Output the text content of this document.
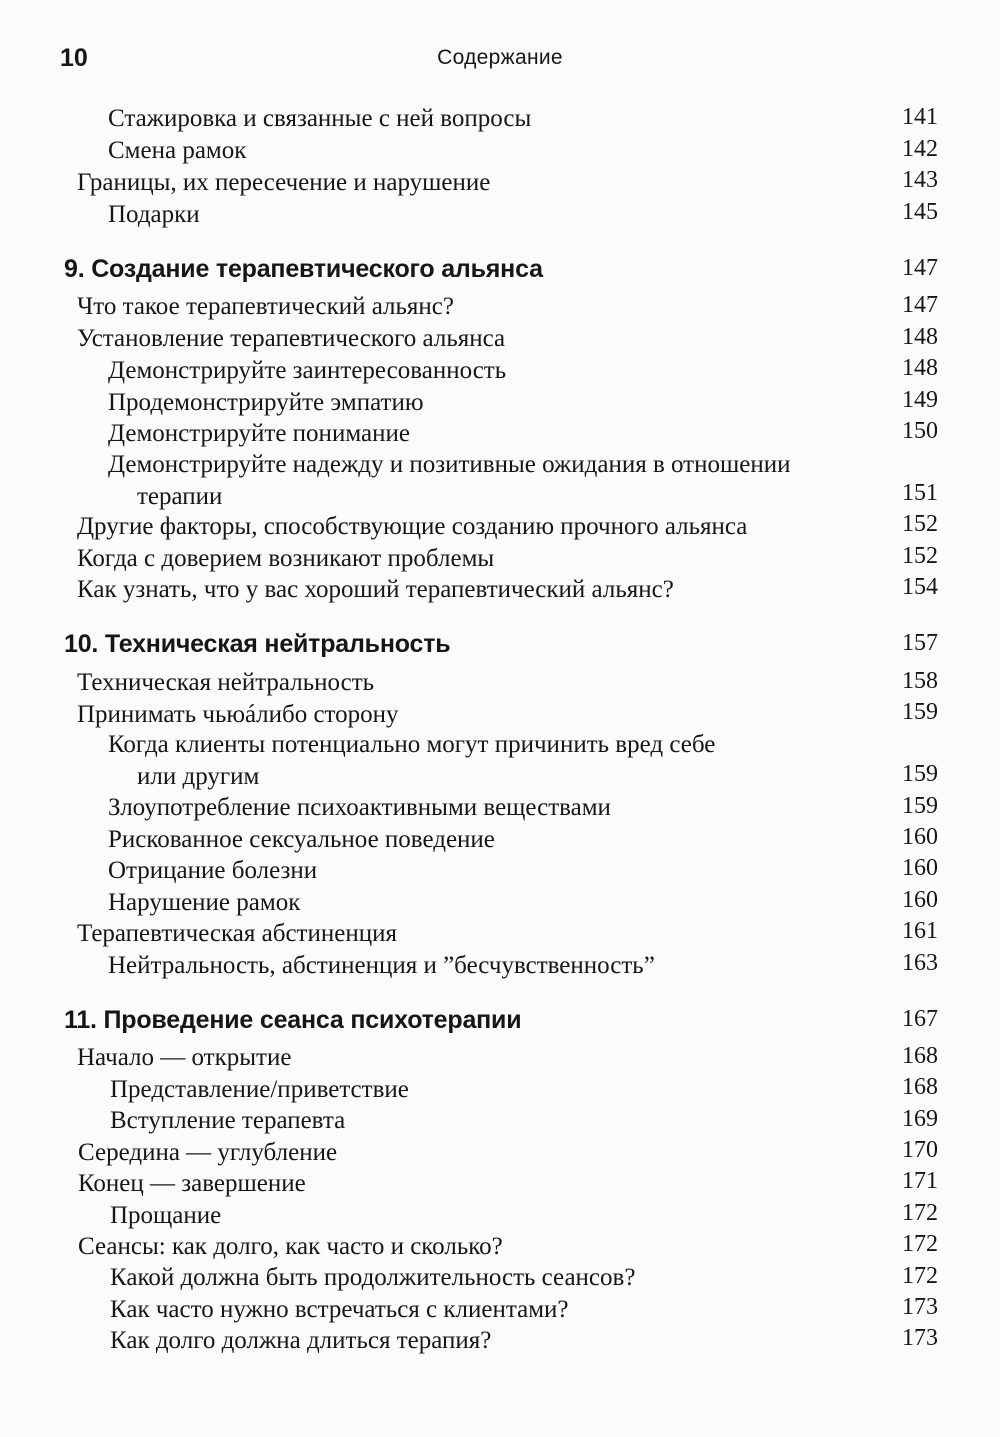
10	Содержание
Стажировка и связанные с ней вопросы	141
Смена рамок	142
Границы, их пересечение и нарушение	143
Подарки	145
9. Создание терапевтического альянса	147
Что такое терапевтический альянс?	147
Установление терапевтического альянса	148
Демонстрируйте заинтересованность	148
Продемонстрируйте эмпатию	149
Демонстрируйте понимание	150
Демонстрируйте надежду и позитивные ожидания в отношении
терапии	151
Другие факторы, способствующие созданию прочного альянса	152
Когда с доверием возникают проблемы	152
Как узнать, что у вас хороший терапевтический альянс?	154
10. Техническая нейтральность	157
Техническая нейтральность	158
Принимать чьюáлибо сторону	159
Когда клиенты потенциально могут причинить вред себе
или другим	159
Злоупотребление психоактивными веществами	159
Рискованное сексуальное поведение	160
Отрицание болезни	160
Нарушение рамок	160
Терапевтическая абстиненция	161
Нейтральность, абстиненция и ”бесчувственность”	163
11. Проведение сеанса психотерапии	167
Начало — открытие	168
Представление/приветствие	168
Вступление терапевта	169
Середина — углубление	170
Конец — завершение	171
Прощание	172
Сеансы: как долго, как часто и сколько?	172
Какой должна быть продолжительность сеансов?	172
Как часто нужно встречаться с клиентами?	173
Как долго должна длиться терапия?	173
